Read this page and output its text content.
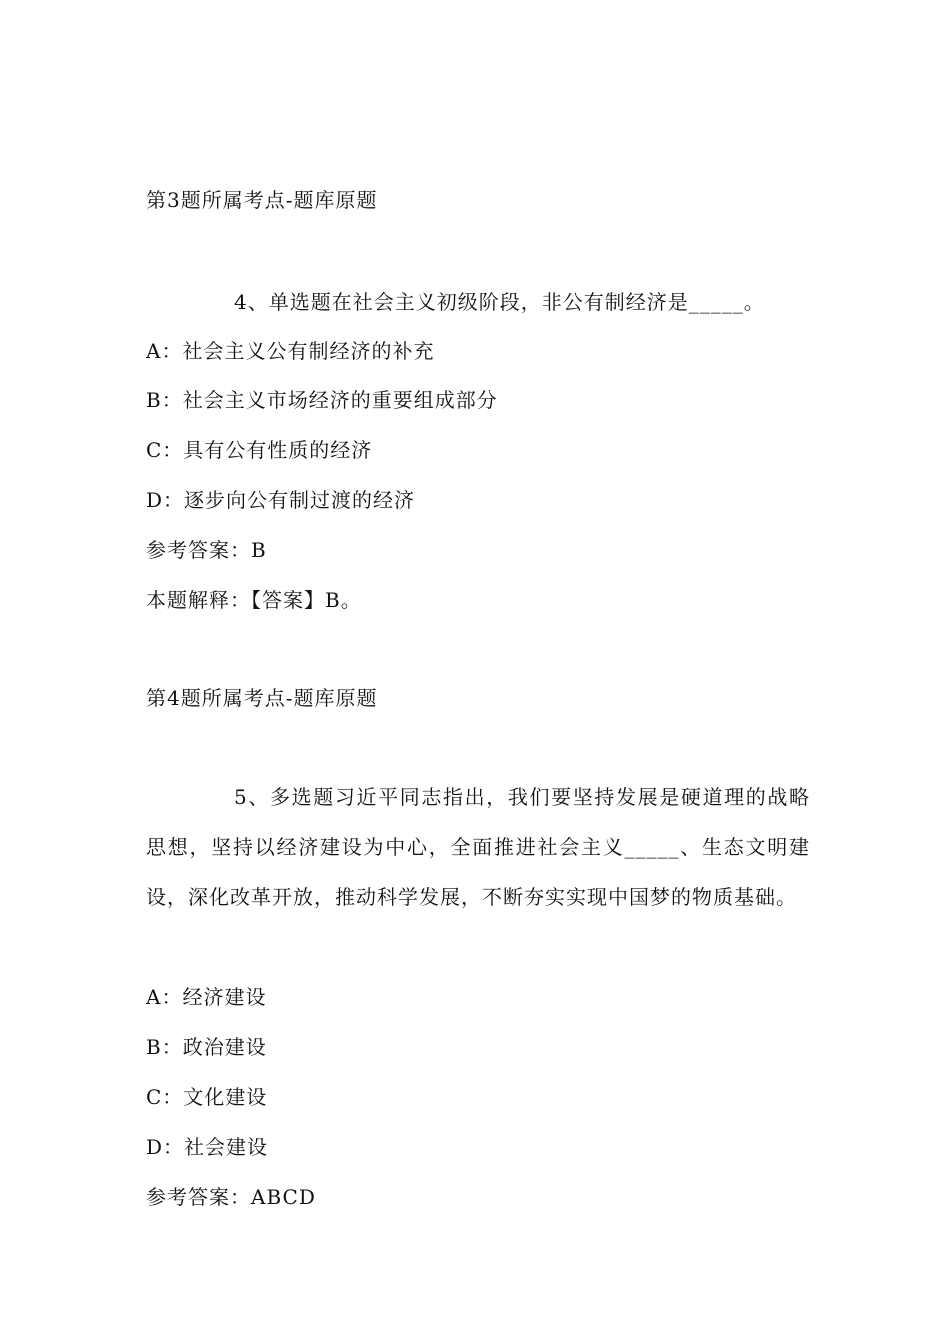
第3题所属考点-题库原题
4、单选题在社会主义初级阶段，非公有制经济是_____。
A：社会主义公有制经济的补充
B：社会主义市场经济的重要组成部分
C：具有公有性质的经济
D：逐步向公有制过渡的经济
参考答案：B
本题解释：【答案】B。
第4题所属考点-题库原题
5、多选题习近平同志指出，我们要坚持发展是硬道理的战略思想，坚持以经济建设为中心，全面推进社会主义_____、生态文明建设，深化改革开放，推动科学发展，不断夯实实现中国梦的物质基础。
A：经济建设
B：政治建设
C：文化建设
D：社会建设
参考答案：ABCD
